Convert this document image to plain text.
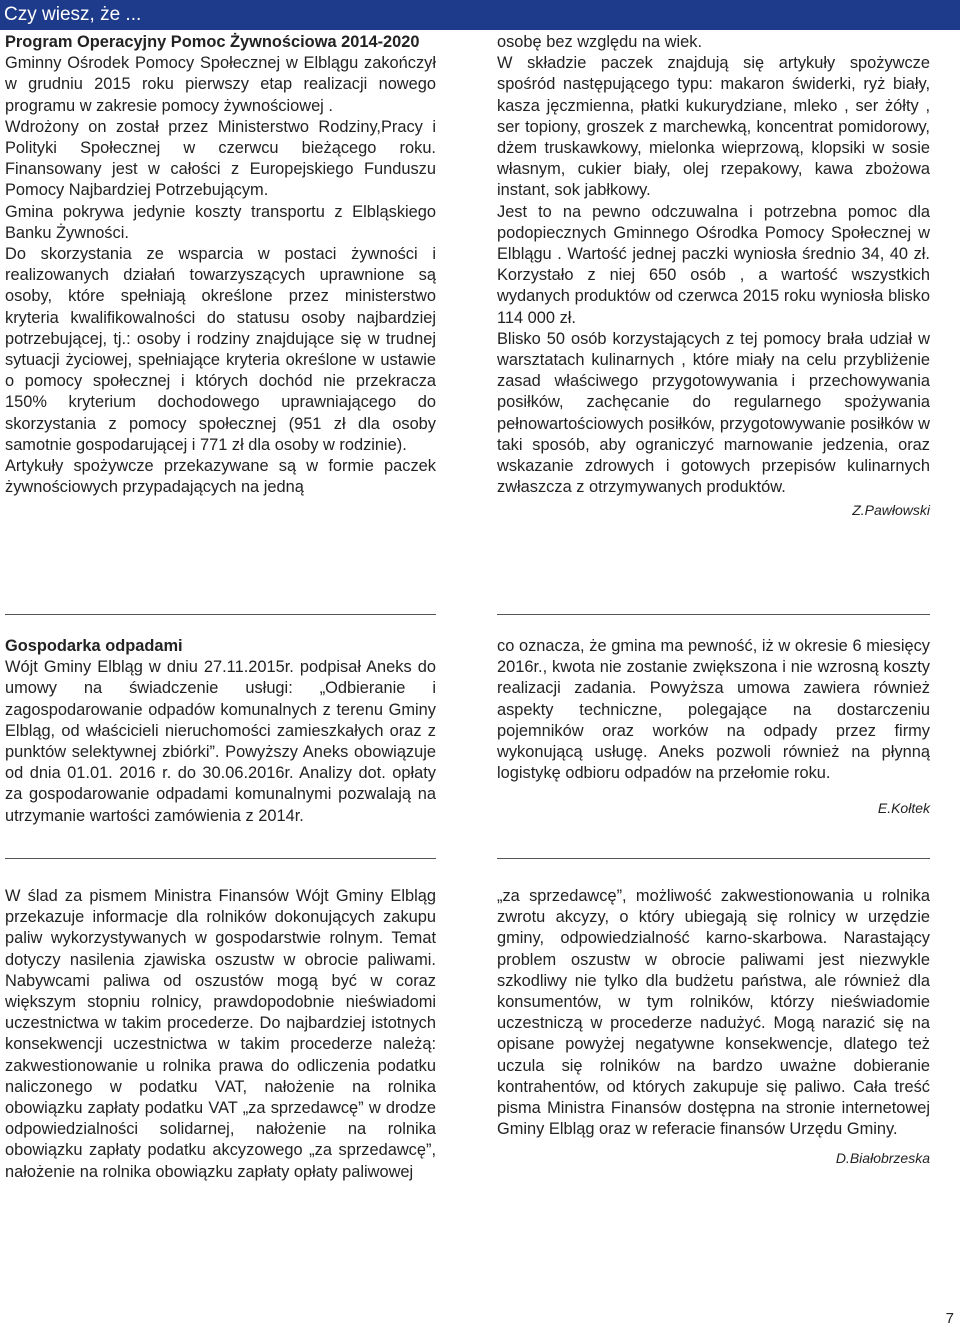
Czy wiesz, że ...

Program Operacyjny Pomoc Żywnościowa 2014-2020

Gminny Ośrodek Pomocy Społecznej w Elblągu zakończył w grudniu 2015 roku pierwszy etap realizacji nowego programu w zakresie pomocy żywnościowej .

Wdrożony on został przez Ministerstwo Rodziny,Pracy i Polityki Społecznej w czerwcu bieżącego roku. Finansowany jest w całości z Europejskiego Funduszu Pomocy Najbardziej Potrzebującym.

Gmina pokrywa jedynie koszty transportu z Elbląskiego Banku Żywności.

Do skorzystania ze wsparcia w postaci żywności i realizowanych działań towarzyszących uprawnione są osoby, które spełniają określone przez ministerstwo kryteria kwalifikowalności do statusu osoby najbardziej potrzebującej, tj.: osoby i rodziny znajdujące się w trudnej sytuacji życiowej, spełniające kryteria określone w ustawie o pomocy społecznej i których dochód nie przekracza 150% kryterium dochodowego uprawniającego do skorzystania z pomocy społecznej (951 zł dla osoby samotnie gospodarującej i 771 zł dla osoby w rodzinie).

Artykuły spożywcze przekazywane są w formie paczek żywnościowych przypadających na jedną

osobę bez względu na wiek.

W składzie paczek znajdują się artykuły spożywcze spośród następującego typu: makaron świderki, ryż biały, kasza jęczmienna, płatki kukurydziane, mleko , ser żółty , ser topiony, groszek z marchewką, koncentrat pomidorowy, dżem truskawkowy, mielonka wieprzową, klopsiki w sosie własnym, cukier biały, olej rzepakowy, kawa zbożowa instant, sok jabłkowy.

Jest to na pewno odczuwalna i potrzebna pomoc dla podopiecznych Gminnego Ośrodka Pomocy Społecznej w Elblągu . Wartość jednej paczki wyniosła średnio 34, 40 zł. Korzystało z niej 650 osób , a wartość wszystkich wydanych produktów od czerwca 2015 roku wyniosła blisko 114 000 zł.

Blisko 50 osób korzystających z tej pomocy brała udział w warsztatach kulinarnych , które miały na celu przybliżenie zasad właściwego przygotowywania i przechowywania posiłków, zachęcanie do regularnego spożywania pełnowartościowych posiłków, przygotowywanie posiłków w taki sposób, aby ograniczyć marnowanie jedzenia, oraz wskazanie zdrowych i gotowych przepisów kulinarnych zwłaszcza z otrzymywanych produktów.

Z.Pawłowski

Gospodarka odpadami

Wójt Gminy Elbląg w dniu 27.11.2015r. podpisał Aneks do umowy na świadczenie usługi: „Odbieranie i zagospodarowanie odpadów komunalnych z terenu Gminy Elbląg, od właścicieli nieruchomości zamieszkałych oraz z punktów selektywnej zbiórki”. Powyższy Aneks obowiązuje od dnia 01.01. 2016 r. do 30.06.2016r. Analizy dot. opłaty za gospodarowanie odpadami komunalnymi pozwalają na utrzymanie wartości zamówienia z 2014r.

co oznacza, że gmina ma pewność, iż w okresie 6 miesięcy 2016r., kwota nie zostanie zwiększona i nie wzrosną koszty realizacji zadania. Powyższa umowa zawiera również aspekty techniczne, polegające na dostarczeniu pojemników oraz worków na odpady przez firmy wykonującą usługę. Aneks pozwoli również na płynną logistykę odbioru odpadów na przełomie roku.

E.Kołtek

W ślad za pismem Ministra Finansów Wójt Gminy Elbląg przekazuje informacje dla rolników dokonujących zakupu paliw wykorzystywanych w gospodarstwie rolnym. Temat dotyczy nasilenia zjawiska oszustw w obrocie paliwami. Nabywcami paliwa od oszustów mogą być w coraz większym stopniu rolnicy, prawdopodobnie nieświadomi uczestnictwa w takim procederze. Do najbardziej istotnych konsekwencji uczestnictwa w takim procederze należą: zakwestionowanie u rolnika prawa do odliczenia podatku naliczonego w podatku VAT, nałożenie na rolnika obowiązku zapłaty podatku VAT „za sprzedawcę” w drodze odpowiedzialności solidarnej, nałożenie na rolnika obowiązku zapłaty podatku akcyzowego „za sprzedawcę”, nałożenie na rolnika obowiązku zapłaty opłaty paliwowej

„za sprzedawcę”, możliwość zakwestionowania u rolnika zwrotu akcyzy, o który ubiegają się rolnicy w urzędzie gminy, odpowiedzialność karno-skarbowa. Narastający problem oszustw w obrocie paliwami jest niezwykle szkodliwy nie tylko dla budżetu państwa, ale również dla konsumentów, w tym rolników, którzy nieświadomie uczestniczą w procederze nadużyć. Mogą narazić się na opisane powyżej negatywne konsekwencje, dlatego też uczula się rolników na bardzo uważne dobieranie kontrahentów, od których zakupuje się paliwo. Cała treść pisma Ministra Finansów dostępna na stronie internetowej Gminy Elbląg oraz w referacie finansów Urzędu Gminy.

D.Białobrzeska

7
